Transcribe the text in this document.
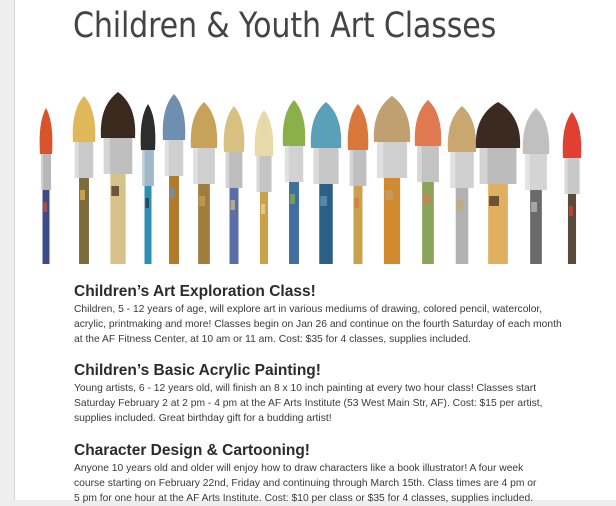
Children & Youth Art Classes
Children’s Art Exploration Class!

Children, 5 - 12 years of age, will explore art in various mediums of drawing, colored pencil, watercolor,
acrylic, printmaking and more! Classes begin on Jan 26 and continue on the fourth Saturday of each month
at the AF Fitness Center, at 10 am or 11 am. Cost: $35 for 4 classes, supplies included.

Children’s Basic Acrylic Painting!

Young artists, 6 - 12 years old, will finish an 8 x 10 inch painting at every two hour class! Classes start
Saturday February 2 at 2 pm - 4 pm at the AF Arts Institute (53 West Main Str, AF). Cost: $15 per artist,
supplies included. Great birthday gift for a budding artist!

Character Design & Cartooning!

Anyone 10 years old and older will enjoy how to draw characters like a book illustrator! A four week
course starting on February 22nd, Friday and continuing through March 15th. Class times are 4 pm or
5 pm for one hour at the AF Arts Institute. Cost: $10 per class or $35 for 4 classes, supplies included.
